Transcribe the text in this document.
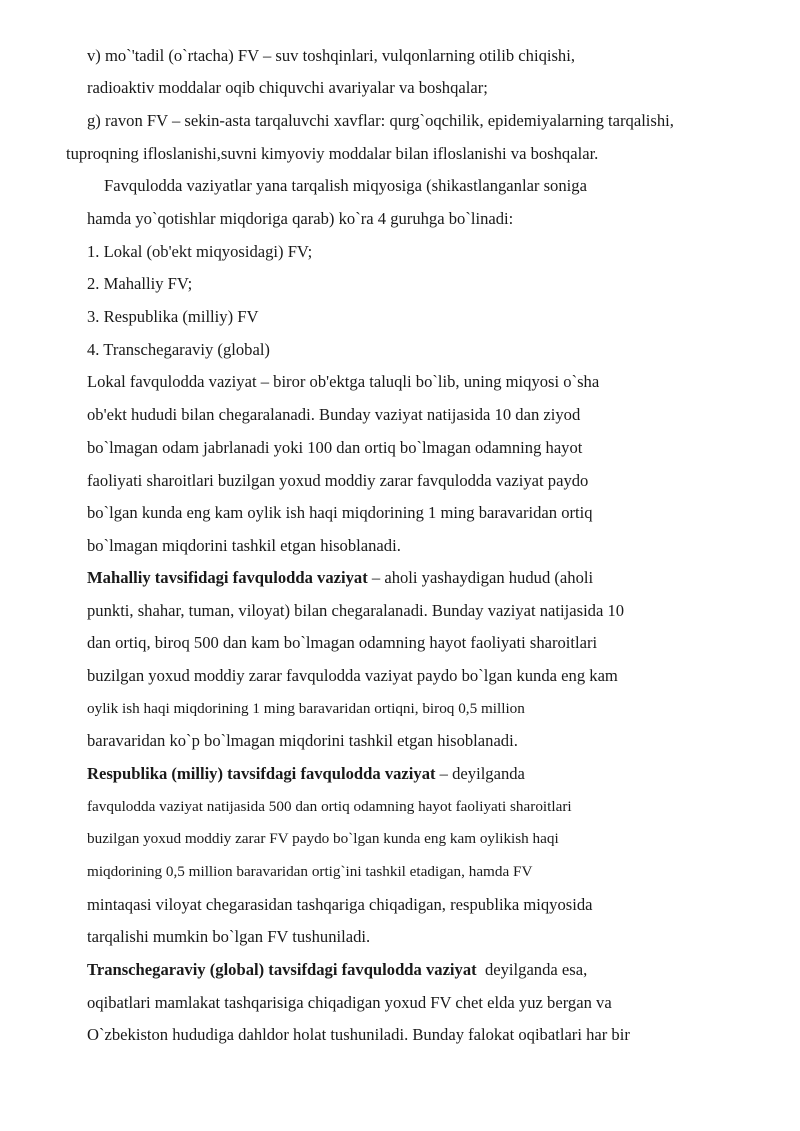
v) mo`'tadil (o`rtacha) FV – suv toshqinlari, vulqonlarning otilib chiqishi,
radioaktiv moddalar oqib chiquvchi avariyalar va boshqalar;
g) ravon FV – sekin-asta tarqaluvchi xavflar: qurg`oqchilik, epidemiyalarning tarqalishi,
tuproqning ifloslanishi,suvni kimyoviy moddalar bilan ifloslanishi va boshqalar.
Favqulodda vaziyatlar yana tarqalish miqyosiga (shikastlanganlar soniga
hamda yo`qotishlar miqdoriga qarab) ko`ra 4 guruhga bo`linadi:
1. Lokal (ob'ekt miqyosidagi) FV;
2. Mahalliy FV;
3. Respublika (milliy) FV
4. Transchegaraviy (global)
Lokal favqulodda vaziyat – biror ob'ektga taluqli bo`lib, uning miqyosi o`sha
ob'ekt hududi bilan chegaralanadi. Bunday vaziyat natijasida 10 dan ziyod
bo`lmagan odam jabrlanadi yoki 100 dan ortiq bo`lmagan odamning hayot
faoliyati sharoitlari buzilgan yoxud moddiy zarar favqulodda vaziyat paydo
bo`lgan kunda eng kam oylik ish haqi miqdorining 1 ming baravaridan ortiq
bo`lmagan miqdorini tashkil etgan hisoblanadi.
Mahalliy tavsifidagi favqulodda vaziyat – aholi yashaydigan hudud (aholi
punkti, shahar, tuman, viloyat) bilan chegaralanadi. Bunday vaziyat natijasida 10
dan ortiq, biroq 500 dan kam bo`lmagan odamning hayot faoliyati sharoitlari
buzilgan yoxud moddiy zarar favqulodda vaziyat paydo bo`lgan kunda eng kam
oylik ish haqi miqdorining 1 ming baravaridan ortiqni, biroq 0,5 million
baravaridan ko`p bo`lmagan miqdorini tashkil etgan hisoblanadi.
Respublika (milliy) tavsifdagi favqulodda vaziyat – deyilganda
favqulodda vaziyat natijasida 500 dan ortiq odamning hayot faoliyati sharoitlari
buzilgan yoxud moddiy zarar FV paydo bo`lgan kunda eng kam oylikish haqi
miqdorining 0,5 million baravaridan ortig`ini tashkil etadigan, hamda FV
mintaqasi viloyat chegarasidan tashqariga chiqadigan, respublika miqyosida
tarqalishi mumkin bo`lgan FV tushuniladi.
Transchegaraviy (global) tavsifdagi favqulodda vaziyat  deyilganda esa,
oqibatlari mamlakat tashqarisiga chiqadigan yoxud FV chet elda yuz bergan va
O`zbekiston hududiga dahldor holat tushuniladi. Bunday falokat oqibatlari har bir
